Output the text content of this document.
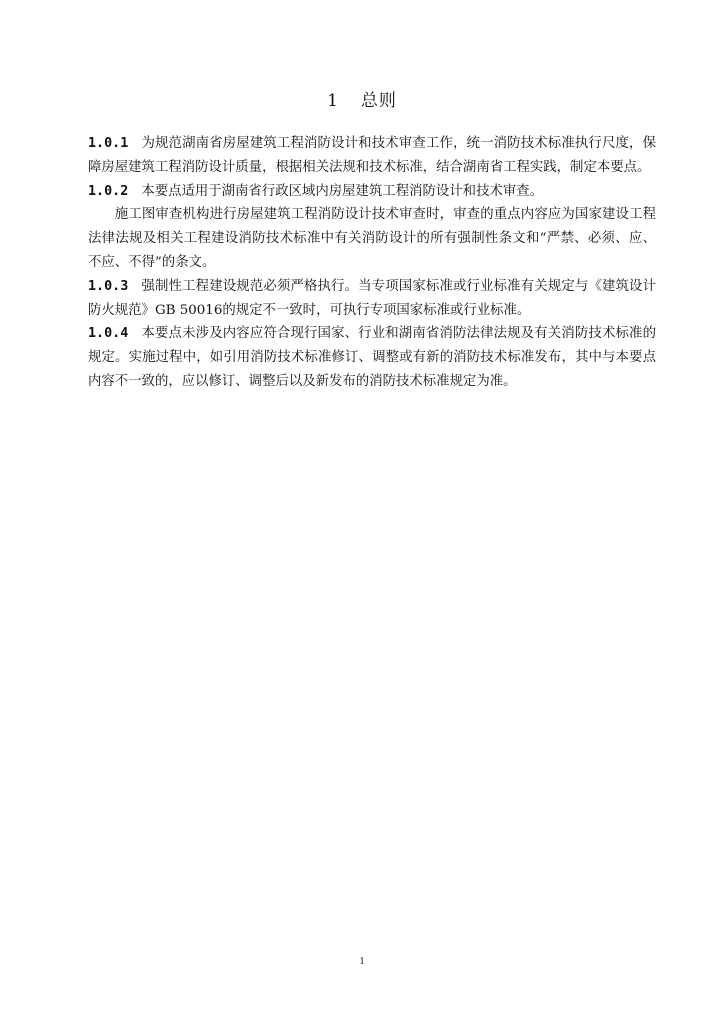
1 总则

1.0.1 为规范湖南省房屋建筑工程消防设计和技术审查工作，统一消防技术标准执行尺度，保障房屋建筑工程消防设计质量，根据相关法规和技术标准，结合湖南省工程实践，制定本要点。

1.0.2 本要点适用于湖南省行政区域内房屋建筑工程消防设计和技术审查。

施工图审查机构进行房屋建筑工程消防设计技术审查时，审查的重点内容应为国家建设工程法律法规及相关工程建设消防技术标准中有关消防设计的所有强制性条文和“严禁、必须、应、不应、不得”的条文。

1.0.3 强制性工程建设规范必须严格执行。当专项国家标准或行业标准有关规定与《建筑设计防火规范》GB 50016的规定不一致时，可执行专项国家标准或行业标准。

1.0.4 本要点未涉及内容应符合现行国家、行业和湖南省消防法律法规及有关消防技术标准的规定。实施过程中，如引用消防技术标准修订、调整或有新的消防技术标准发布，其中与本要点内容不一致的，应以修订、调整后以及新发布的消防技术标准规定为准。

1
